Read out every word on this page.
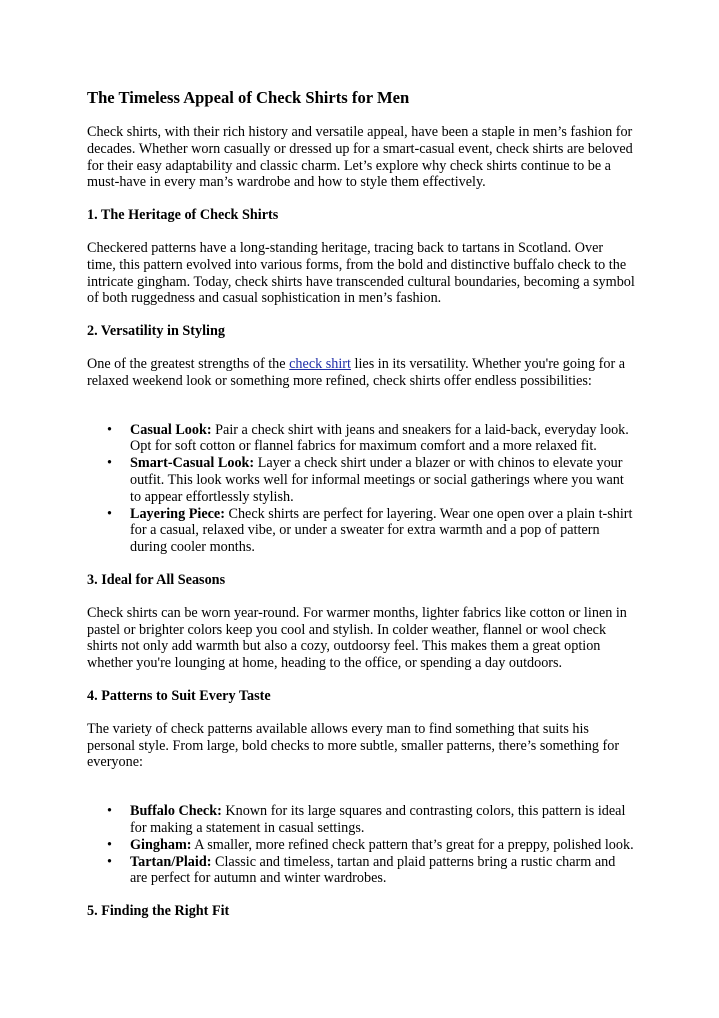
The Timeless Appeal of Check Shirts for Men

Check shirts, with their rich history and versatile appeal, have been a staple in men’s fashion for decades. Whether worn casually or dressed up for a smart-casual event, check shirts are beloved for their easy adaptability and classic charm. Let’s explore why check shirts continue to be a must-have in every man’s wardrobe and how to style them effectively.

1. The Heritage of Check Shirts

Checkered patterns have a long-standing heritage, tracing back to tartans in Scotland. Over time, this pattern evolved into various forms, from the bold and distinctive buffalo check to the intricate gingham. Today, check shirts have transcended cultural boundaries, becoming a symbol of both ruggedness and casual sophistication in men’s fashion.

2. Versatility in Styling

One of the greatest strengths of the check shirt lies in its versatility. Whether you're going for a relaxed weekend look or something more refined, check shirts offer endless possibilities:

• Casual Look: Pair a check shirt with jeans and sneakers for a laid-back, everyday look. Opt for soft cotton or flannel fabrics for maximum comfort and a more relaxed fit.
• Smart-Casual Look: Layer a check shirt under a blazer or with chinos to elevate your outfit. This look works well for informal meetings or social gatherings where you want to appear effortlessly stylish.
• Layering Piece: Check shirts are perfect for layering. Wear one open over a plain t-shirt for a casual, relaxed vibe, or under a sweater for extra warmth and a pop of pattern during cooler months.
3. Ideal for All Seasons

Check shirts can be worn year-round. For warmer months, lighter fabrics like cotton or linen in pastel or brighter colors keep you cool and stylish. In colder weather, flannel or wool check shirts not only add warmth but also a cozy, outdoorsy feel. This makes them a great option whether you're lounging at home, heading to the office, or spending a day outdoors.

4. Patterns to Suit Every Taste

The variety of check patterns available allows every man to find something that suits his personal style. From large, bold checks to more subtle, smaller patterns, there’s something for everyone:

• Buffalo Check: Known for its large squares and contrasting colors, this pattern is ideal for making a statement in casual settings.
• Gingham: A smaller, more refined check pattern that’s great for a preppy, polished look.
• Tartan/Plaid: Classic and timeless, tartan and plaid patterns bring a rustic charm and are perfect for autumn and winter wardrobes.
5. Finding the Right Fit
